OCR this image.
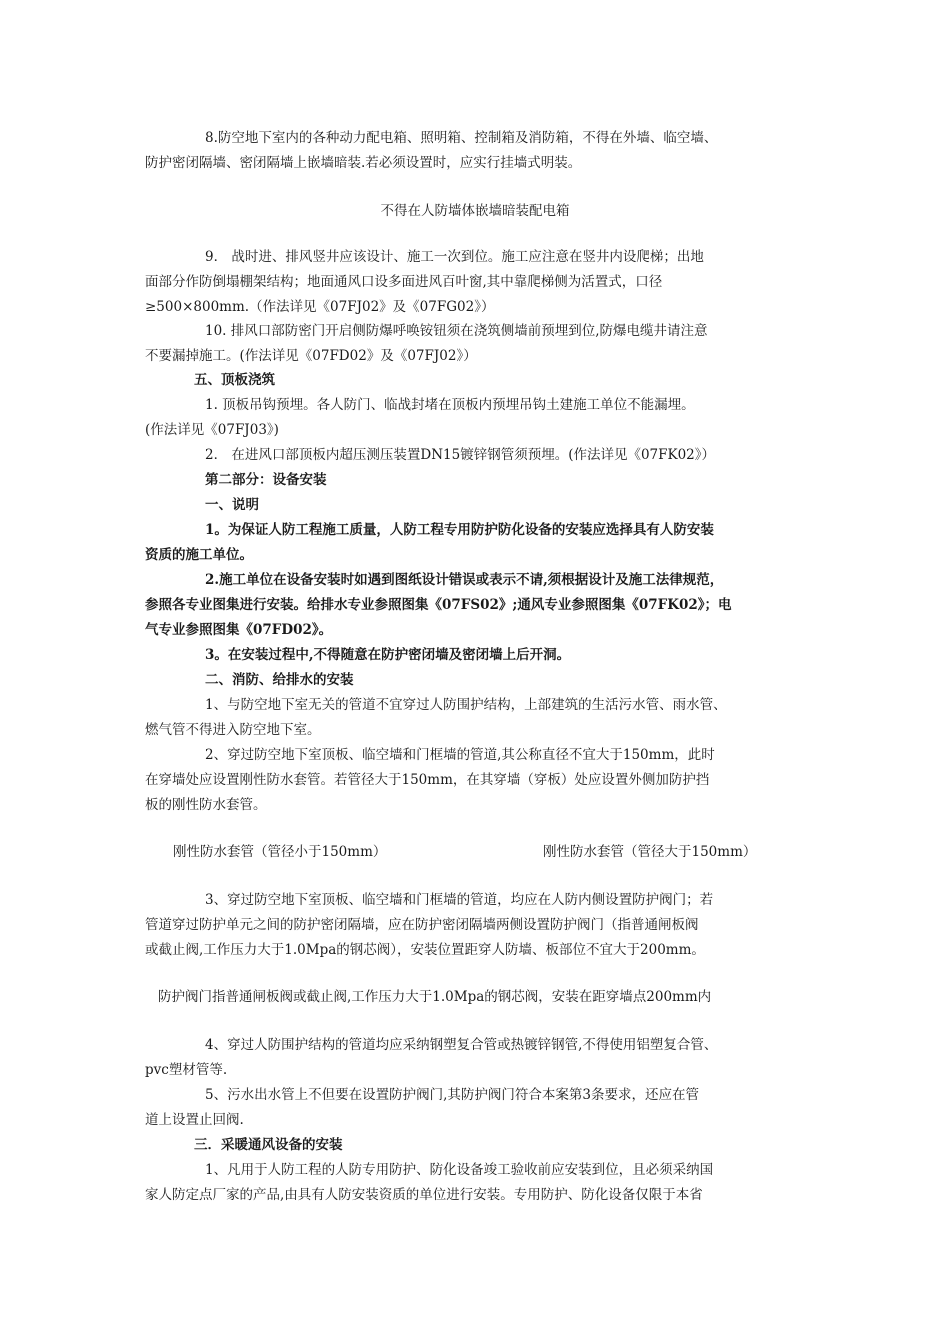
8.防空地下室内的各种动力配电箱、照明箱、控制箱及消防箱，不得在外墙、临空墙、
防护密闭隔墙、密闭隔墙上嵌墙暗装.若必须设置时，应实行挂墙式明装。
不得在人防墙体嵌墙暗装配电箱
9． 战时进、排风竖井应该设计、施工一次到位。施工应注意在竖井内设爬梯；出地
面部分作防倒塌棚架结构；地面通风口设多面进风百叶窗,其中靠爬梯侧为活置式，口径
≥500×800mm.（作法详见《07FJ02》及《07FG02》）
10. 排风口部防密门开启侧防爆呼唤铵钮须在浇筑侧墙前预埋到位,防爆电缆井请注意
不要漏掉施工。(作法详见《07FD02》及《07FJ02》）
五、顶板浇筑
1. 顶板吊钩预埋。各人防门、临战封堵在顶板内预埋吊钩土建施工单位不能漏埋。
(作法详见《07FJ03》)
2． 在进风口部顶板内超压测压装置DN15镀锌钢管须预埋。(作法详见《07FK02》）
第二部分：设备安装
一、说明
1。为保证人防工程施工质量，人防工程专用防护防化设备的安装应选择具有人防安装
资质的施工单位。
2.施工单位在设备安装时如遇到图纸设计错误或表示不请,须根据设计及施工法律规范，
参照各专业图集进行安装。给排水专业参照图集《07FS02》;通风专业参照图集《07FK02》；电
气专业参照图集《07FD02》。
3。在安装过程中,不得随意在防护密闭墙及密闭墙上后开洞。
二、消防、给排水的安装
1、与防空地下室无关的管道不宜穿过人防围护结构，上部建筑的生活污水管、雨水管、
燃气管不得进入防空地下室。
2、穿过防空地下室顶板、临空墙和门框墙的管道,其公称直径不宜大于150mm，此时
在穿墙处应设置刚性防水套管。若管径大于150mm，在其穿墙（穿板）处应设置外侧加防护挡
板的刚性防水套管。
刚性防水套管（管径小于150mm）	刚性防水套管（管径大于150mm）
3、穿过防空地下室顶板、临空墙和门框墙的管道，均应在人防内侧设置防护阀门；若
管道穿过防护单元之间的防护密闭隔墙，应在防护密闭隔墙两侧设置防护阀门（指普通闸板阀
或截止阀,工作压力大于1.0Mpa的钢芯阀），安装位置距穿人防墙、板部位不宜大于200mm。
防护阀门指普通闸板阀或截止阀,工作压力大于1.0Mpa的钢芯阀，安装在距穿墙点200mm内
4、穿过人防围护结构的管道均应采纳钢塑复合管或热镀锌钢管,不得使用铝塑复合管、
pvc塑材管等.
5、污水出水管上不但要在设置防护阀门,其防护阀门符合本案第3条要求，还应在管
道上设置止回阀.
三．采暖通风设备的安装
1、凡用于人防工程的人防专用防护、防化设备竣工验收前应安装到位，且必须采纳国
家人防定点厂家的产品,由具有人防安装资质的单位进行安装。专用防护、防化设备仅限于本省
